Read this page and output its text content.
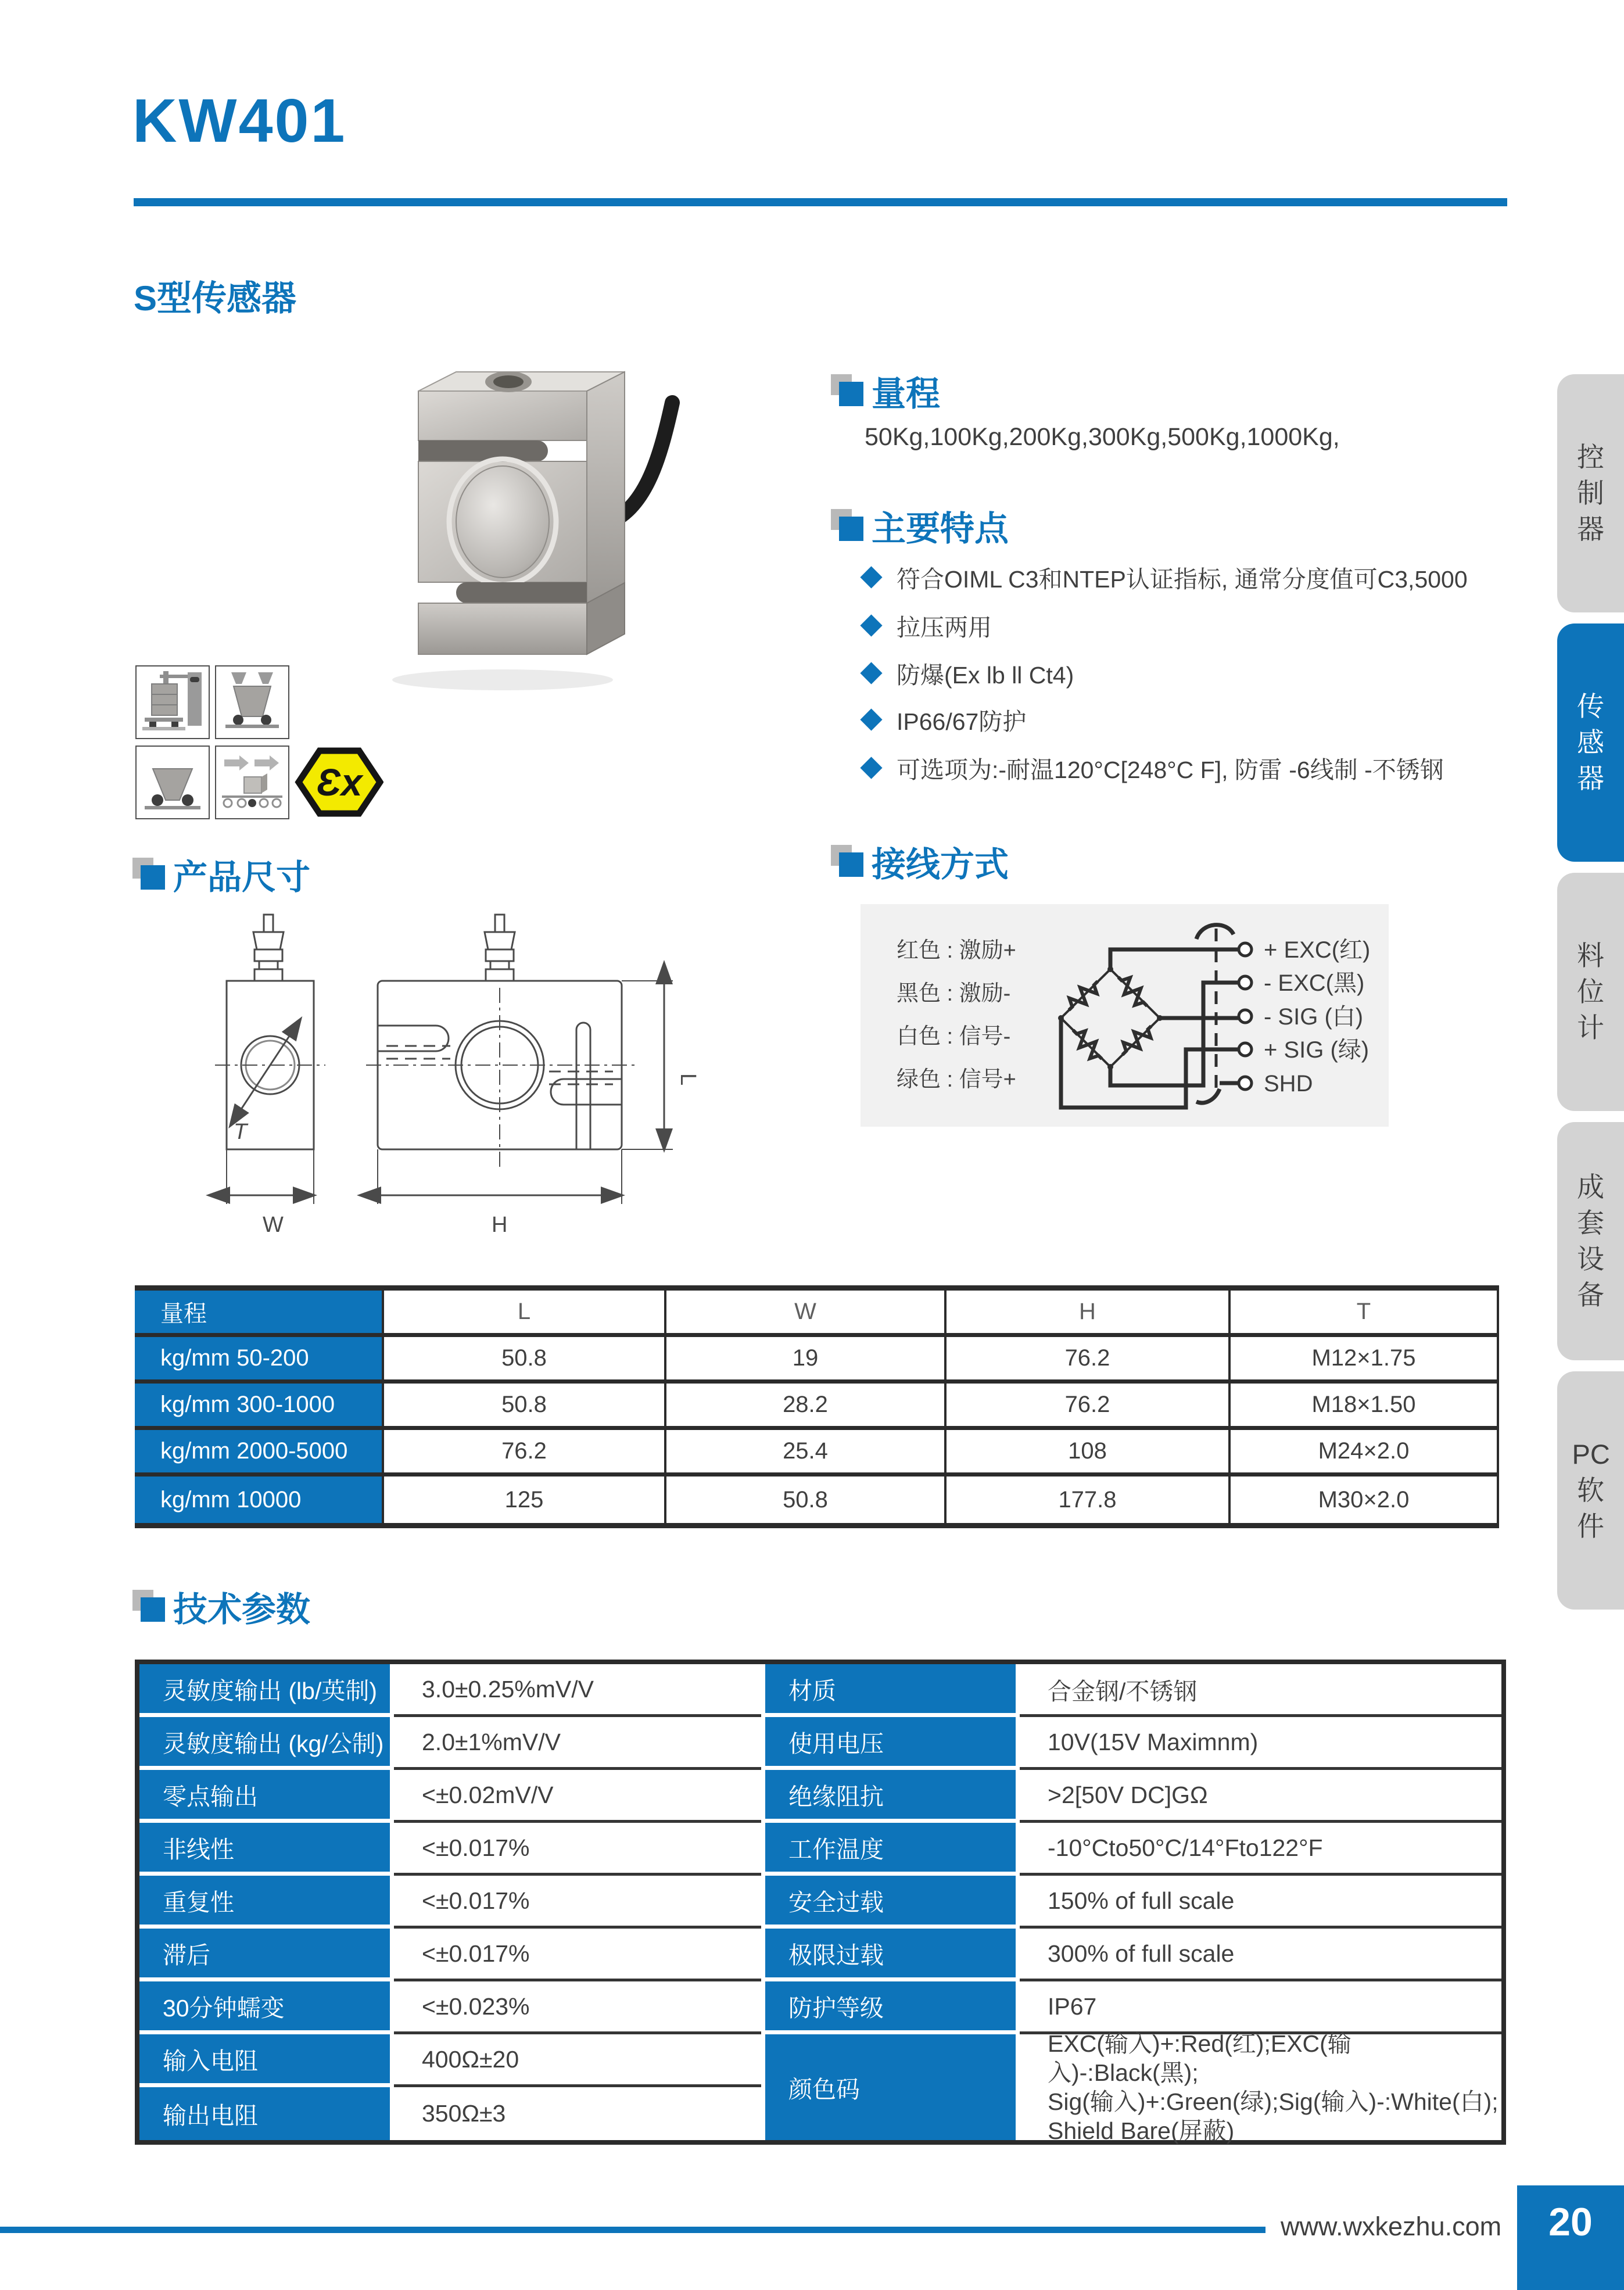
KW401
S型传感器
Ɛx
量程
50Kg,100Kg,200Kg,300Kg,500Kg,1000Kg,
主要特点
符合OIML C3和NTEP认证指标, 通常分度值可C3,5000
拉压两用
防爆(Ex lb ll Ct4)
IP66/67防护
可选项为:-耐温120°C[248°C F], 防雷 -6线制 -不锈钢
接线方式
红色 : 激励+
黑色 : 激励-
白色 : 信号-
绿色 : 信号+
+ EXC(红)
- EXC(黑)
- SIG (白)
+ SIG (绿)
SHD
产品尺寸
T
W	H
L
量程	L	W	H	T
kg/mm 50-200	50.8	19	76.2	M12×1.75
kg/mm 300-1000	50.8	28.2	76.2	M18×1.50
kg/mm 2000-5000	76.2	25.4	108	M24×2.0
kg/mm 10000	125	50.8	177.8	M30×2.0
技术参数
灵敏度输出 (lb/英制)	3.0±0.25%mV/V	材质	合金钢/不锈钢
灵敏度输出 (kg/公制)	2.0±1%mV/V	使用电压	10V(15V Maximnm)
零点输出	<±0.02mV/V	绝缘阻抗	>2[50V DC]GΩ
非线性	<±0.017%	工作温度	-10°Cto50°C/14°Fto122°F
重复性	<±0.017%	安全过载	150% of full scale
滞后	<±0.017%	极限过载	300% of full scale
30分钟蠕变	<±0.023%	防护等级	IP67
输入电阻	400Ω±20
颜色码
EXC(输入)+:Red(红);EXC(输入)-:Black(黑);
Sig(输入)+:Green(绿);Sig(输入)-:White(白);
Shield Bare(屏蔽)
输出电阻	350Ω±3
控
制
器
传
感
器
料
位
计
成
套
设
备
PC
软
件
www.wxkezhu.com	20
